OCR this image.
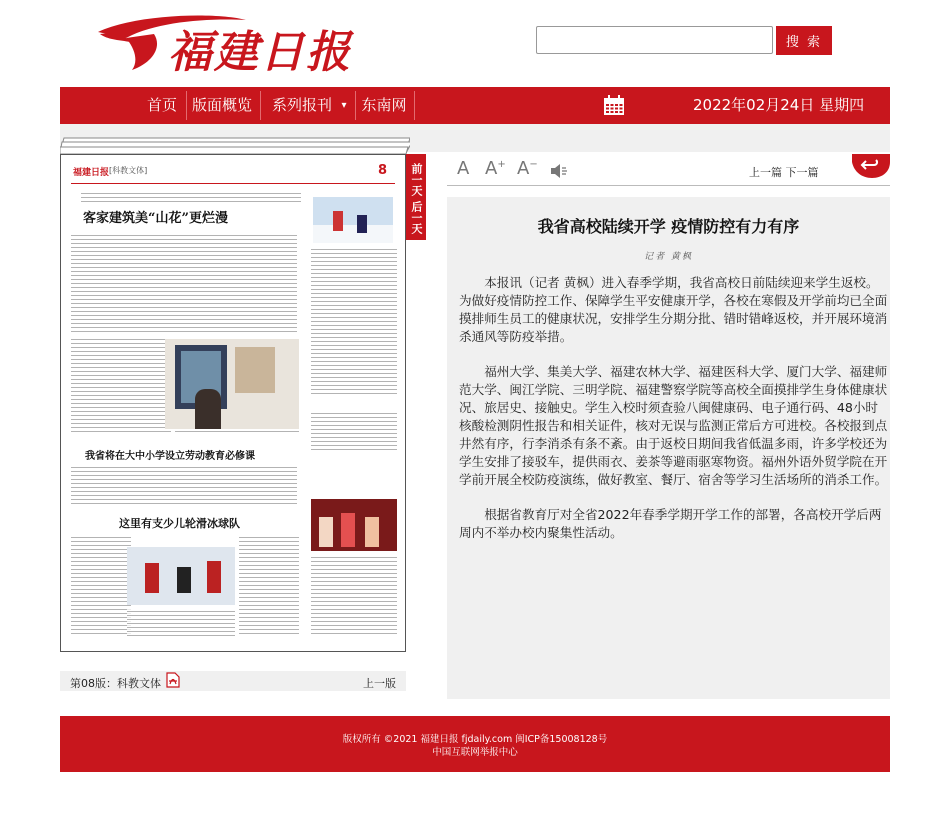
福建日报	搜 索
首页 版面概览 系列报刊 ▾ 东南网	2022年02月24日 星期四
福建日报 [科教文体]	8
客家建筑美“山花”更烂漫
我省将在大中小学设立劳动教育必修课
这里有支少儿轮滑冰球队
前一天
后一天
第08版：科教文体	上一版
A A+ A−
上一篇 下一篇
我省高校陆续开学 疫情防控有力有序
记者 黄枫

本报讯（记者 黄枫）进入春季学期，我省高校日前陆续迎来学生返校。为做好疫情防控工作、保障学生平安健康开学，各校在寒假及开学前均已全面摸排师生员工的健康状况，安排学生分期分批、错时错峰返校，并开展环境消杀通风等防疫举措。

福州大学、集美大学、福建农林大学、福建医科大学、厦门大学、福建师范大学、闽江学院、三明学院、福建警察学院等高校全面摸排学生身体健康状况、旅居史、接触史。学生入校时须查验八闽健康码、电子通行码、48小时核酸检测阴性报告和相关证件，核对无误与监测正常后方可进校。各校报到点井然有序，行李消杀有条不紊。由于返校日期间我省低温多雨，许多学校还为学生安排了接驳车，提供雨衣、姜茶等避雨驱寒物资。福州外语外贸学院在开学前开展全校防疫演练，做好教室、餐厅、宿舍等学习生活场所的消杀工作。

根据省教育厅对全省2022年春季学期开学工作的部署，各高校开学后两周内不举办校内聚集性活动。

版权所有 ©2021 福建日报 fjdaily.com 闽ICP备15008128号
中国互联网举报中心
